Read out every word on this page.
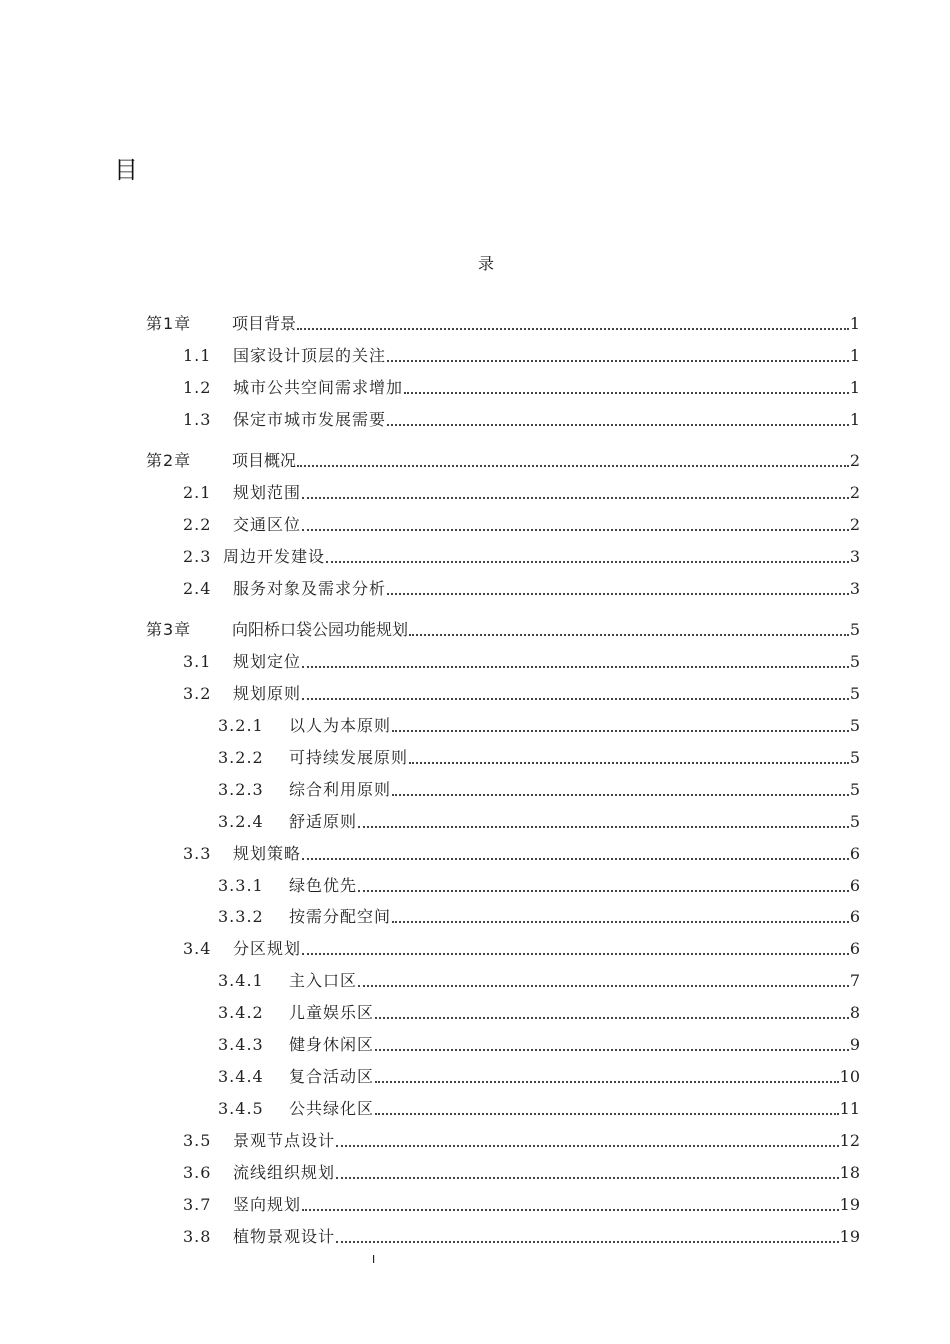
目
录
第1章	项目背景	1
1.1	国家设计顶层的关注	1
1.2	城市公共空间需求增加	1
1.3	保定市城市发展需要	1
第2章	项目概况	2
2.1	规划范围	2
2.2	交通区位	2
2.3 周边开发建设	3
2.4	服务对象及需求分析	3
第3章	向阳桥口袋公园功能规划	5
3.1	规划定位	5
3.2	规划原则	5
3.2.1	以人为本原则	5
3.2.2	可持续发展原则	5
3.2.3	综合利用原则	5
3.2.4	舒适原则	5
3.3	规划策略	6
3.3.1	绿色优先	6
3.3.2	按需分配空间	6
3.4	分区规划	6
3.4.1	主入口区	7
3.4.2	儿童娱乐区	8
3.4.3	健身休闲区	9
3.4.4	复合活动区	10
3.4.5	公共绿化区	11
3.5	景观节点设计	12
3.6	流线组织规划	18
3.7	竖向规划	19
3.8	植物景观设计	19
I
